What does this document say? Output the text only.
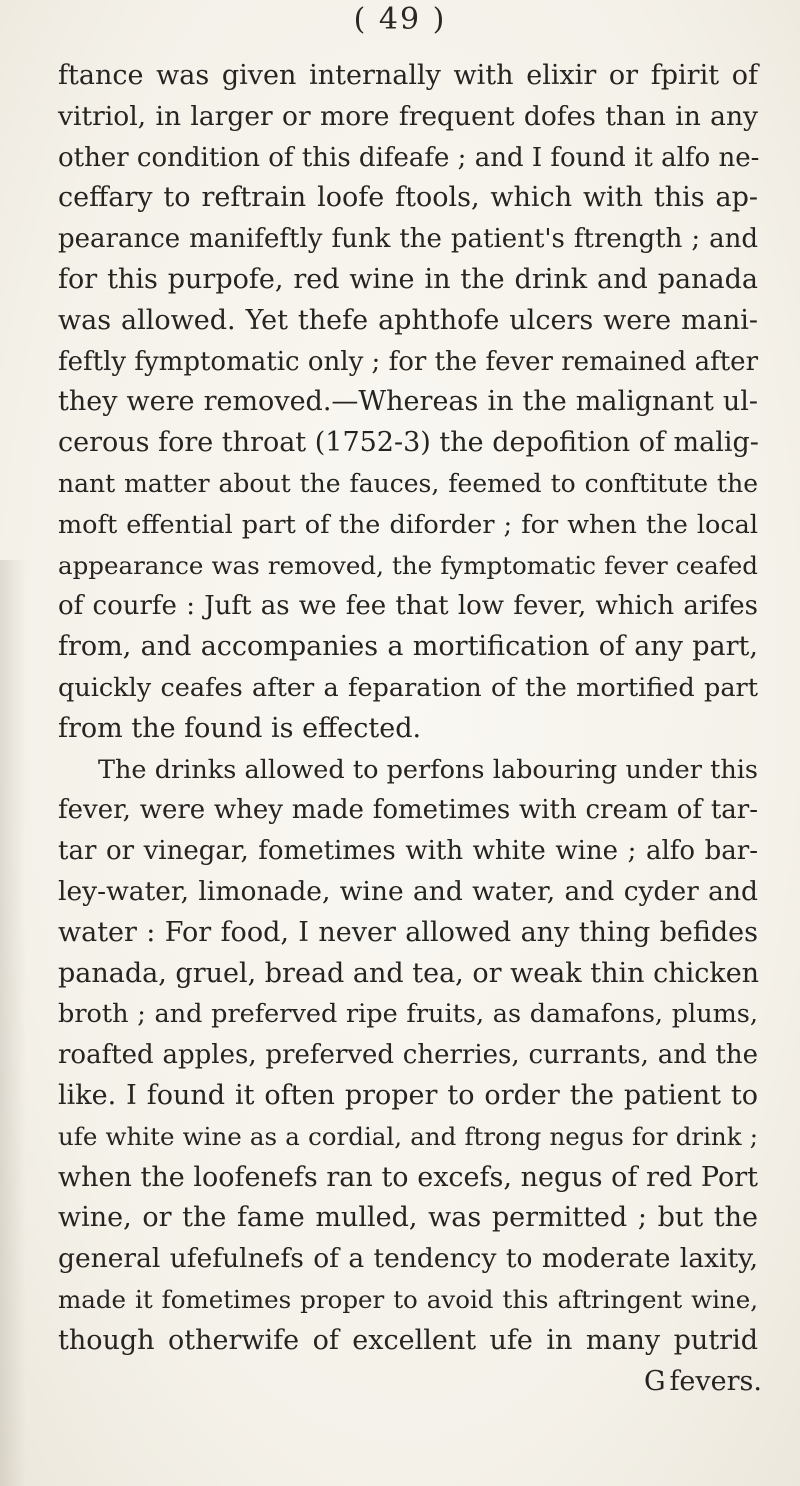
( 49 )
ftance was given internally with elixir or fpirit of
vitriol, in larger or more frequent dofes than in any
other condition of this difeafe ; and I found it alfo ne-
ceffary to reftrain loofe ftools, which with this ap-
pearance manifeftly funk the patient's ftrength ; and
for this purpofe, red wine in the drink and panada
was allowed. Yet thefe aphthofe ulcers were mani-
feftly fymptomatic only ; for the fever remained after
they were removed.—Whereas in the malignant ul-
cerous fore throat (1752-3) the depofition of malig-
nant matter about the fauces, feemed to conftitute the
moft effential part of the diforder ; for when the local
appearance was removed, the fymptomatic fever ceafed
of courfe : Juft as we fee that low fever, which arifes
from, and accompanies a mortification of any part,
quickly ceafes after a feparation of the mortified part
from the found is effected.
The drinks allowed to perfons labouring under this
fever, were whey made fometimes with cream of tar-
tar or vinegar, fometimes with white wine ; alfo bar-
ley-water, limonade, wine and water, and cyder and
water : For food, I never allowed any thing befides
panada, gruel, bread and tea, or weak thin chicken
broth ; and preferved ripe fruits, as damafons, plums,
roafted apples, preferved cherries, currants, and the
like. I found it often proper to order the patient to
ufe white wine as a cordial, and ftrong negus for drink ;
when the loofenefs ran to excefs, negus of red Port
wine, or the fame mulled, was permitted ; but the
general ufefulnefs of a tendency to moderate laxity,
made it fometimes proper to avoid this aftringent wine,
though otherwife of excellent ufe in many putrid
G fevers.
